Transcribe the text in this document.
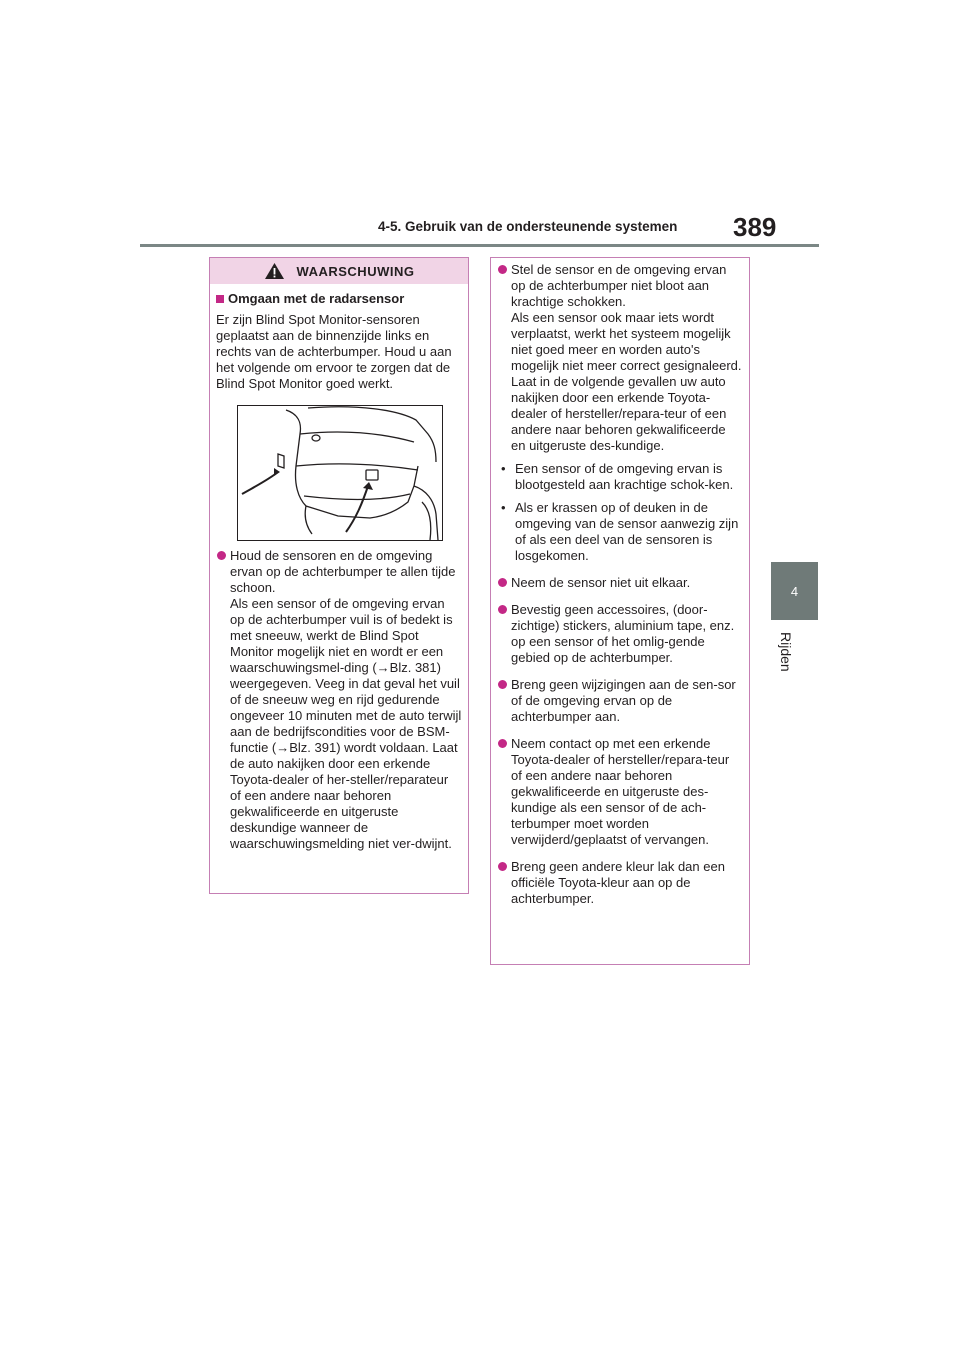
4-5. Gebruik van de ondersteunende systemen 389
4
Rijden
WAARSCHUWING
Omgaan met de radarsensor

Er zijn Blind Spot Monitor-sensoren geplaatst aan de binnenzijde links en rechts van de achterbumper. Houd u aan het volgende om ervoor te zorgen dat de Blind Spot Monitor goed werkt.

Houd de sensoren en de omgeving ervan op de achterbumper te allen tijde schoon.
Als een sensor of de omgeving ervan op de achterbumper vuil is of bedekt is met sneeuw, werkt de Blind Spot Monitor mogelijk niet en wordt er een waarschuwingsmel-ding (→Blz. 381) weergegeven. Veeg in dat geval het vuil of de sneeuw weg en rijd gedurende ongeveer 10 minuten met de auto terwijl aan de bedrijfscondities voor de BSM-functie (→Blz. 391) wordt voldaan. Laat de auto nakijken door een erkende Toyota-dealer of her-steller/reparateur of een andere naar behoren gekwalificeerde en uitgeruste deskundige wanneer de waarschuwingsmelding niet ver-dwijnt.
Stel de sensor en de omgeving ervan op de achterbumper niet bloot aan krachtige schokken.
Als een sensor ook maar iets wordt verplaatst, werkt het systeem mogelijk niet goed meer en worden auto's mogelijk niet meer correct gesignaleerd.
Laat in de volgende gevallen uw auto nakijken door een erkende Toyota-dealer of hersteller/repara-teur of een andere naar behoren gekwalificeerde en uitgeruste des-kundige.
• Een sensor of de omgeving ervan is blootgesteld aan krachtige schok-ken.
• Als er krassen op of deuken in de omgeving van de sensor aanwezig zijn of als een deel van de sensoren is losgekomen.
Neem de sensor niet uit elkaar.
Bevestig geen accessoires, (door-zichtige) stickers, aluminium tape, enz. op een sensor of het omlig-gende gebied op de achterbumper.
Breng geen wijzigingen aan de sen-sor of de omgeving ervan op de achterbumper aan.
Neem contact op met een erkende Toyota-dealer of hersteller/repara-teur of een andere naar behoren gekwalificeerde en uitgeruste des-kundige als een sensor of de ach-terbumper moet worden verwijderd/geplaatst of vervangen.
Breng geen andere kleur lak dan een officiële Toyota-kleur aan op de achterbumper.
